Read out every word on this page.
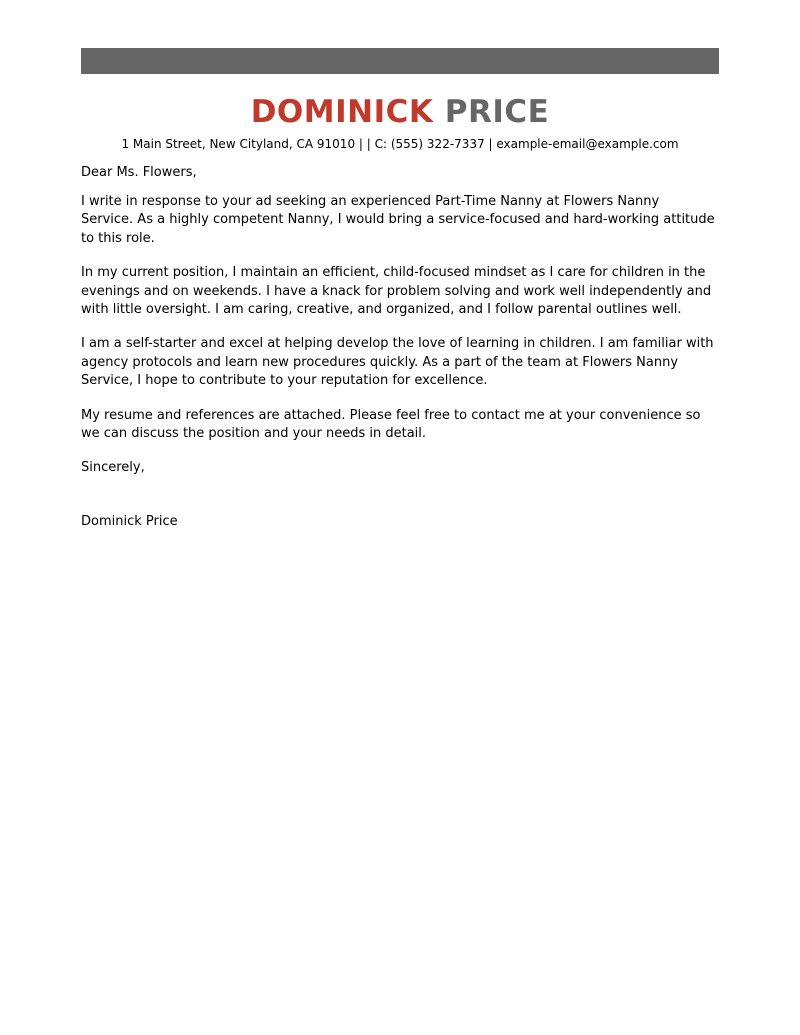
DOMINICK PRICE
1 Main Street, New Cityland, CA 91010 | | C: (555) 322-7337 | example-email@example.com

Dear Ms. Flowers,

I write in response to your ad seeking an experienced Part-Time Nanny at Flowers Nanny
Service. As a highly competent Nanny, I would bring a service-focused and hard-working attitude
to this role.

In my current position, I maintain an efficient, child-focused mindset as I care for children in the
evenings and on weekends. I have a knack for problem solving and work well independently and
with little oversight. I am caring, creative, and organized, and I follow parental outlines well.

I am a self-starter and excel at helping develop the love of learning in children. I am familiar with
agency protocols and learn new procedures quickly. As a part of the team at Flowers Nanny
Service, I hope to contribute to your reputation for excellence.

My resume and references are attached. Please feel free to contact me at your convenience so
we can discuss the position and your needs in detail.

Sincerely,

Dominick Price
